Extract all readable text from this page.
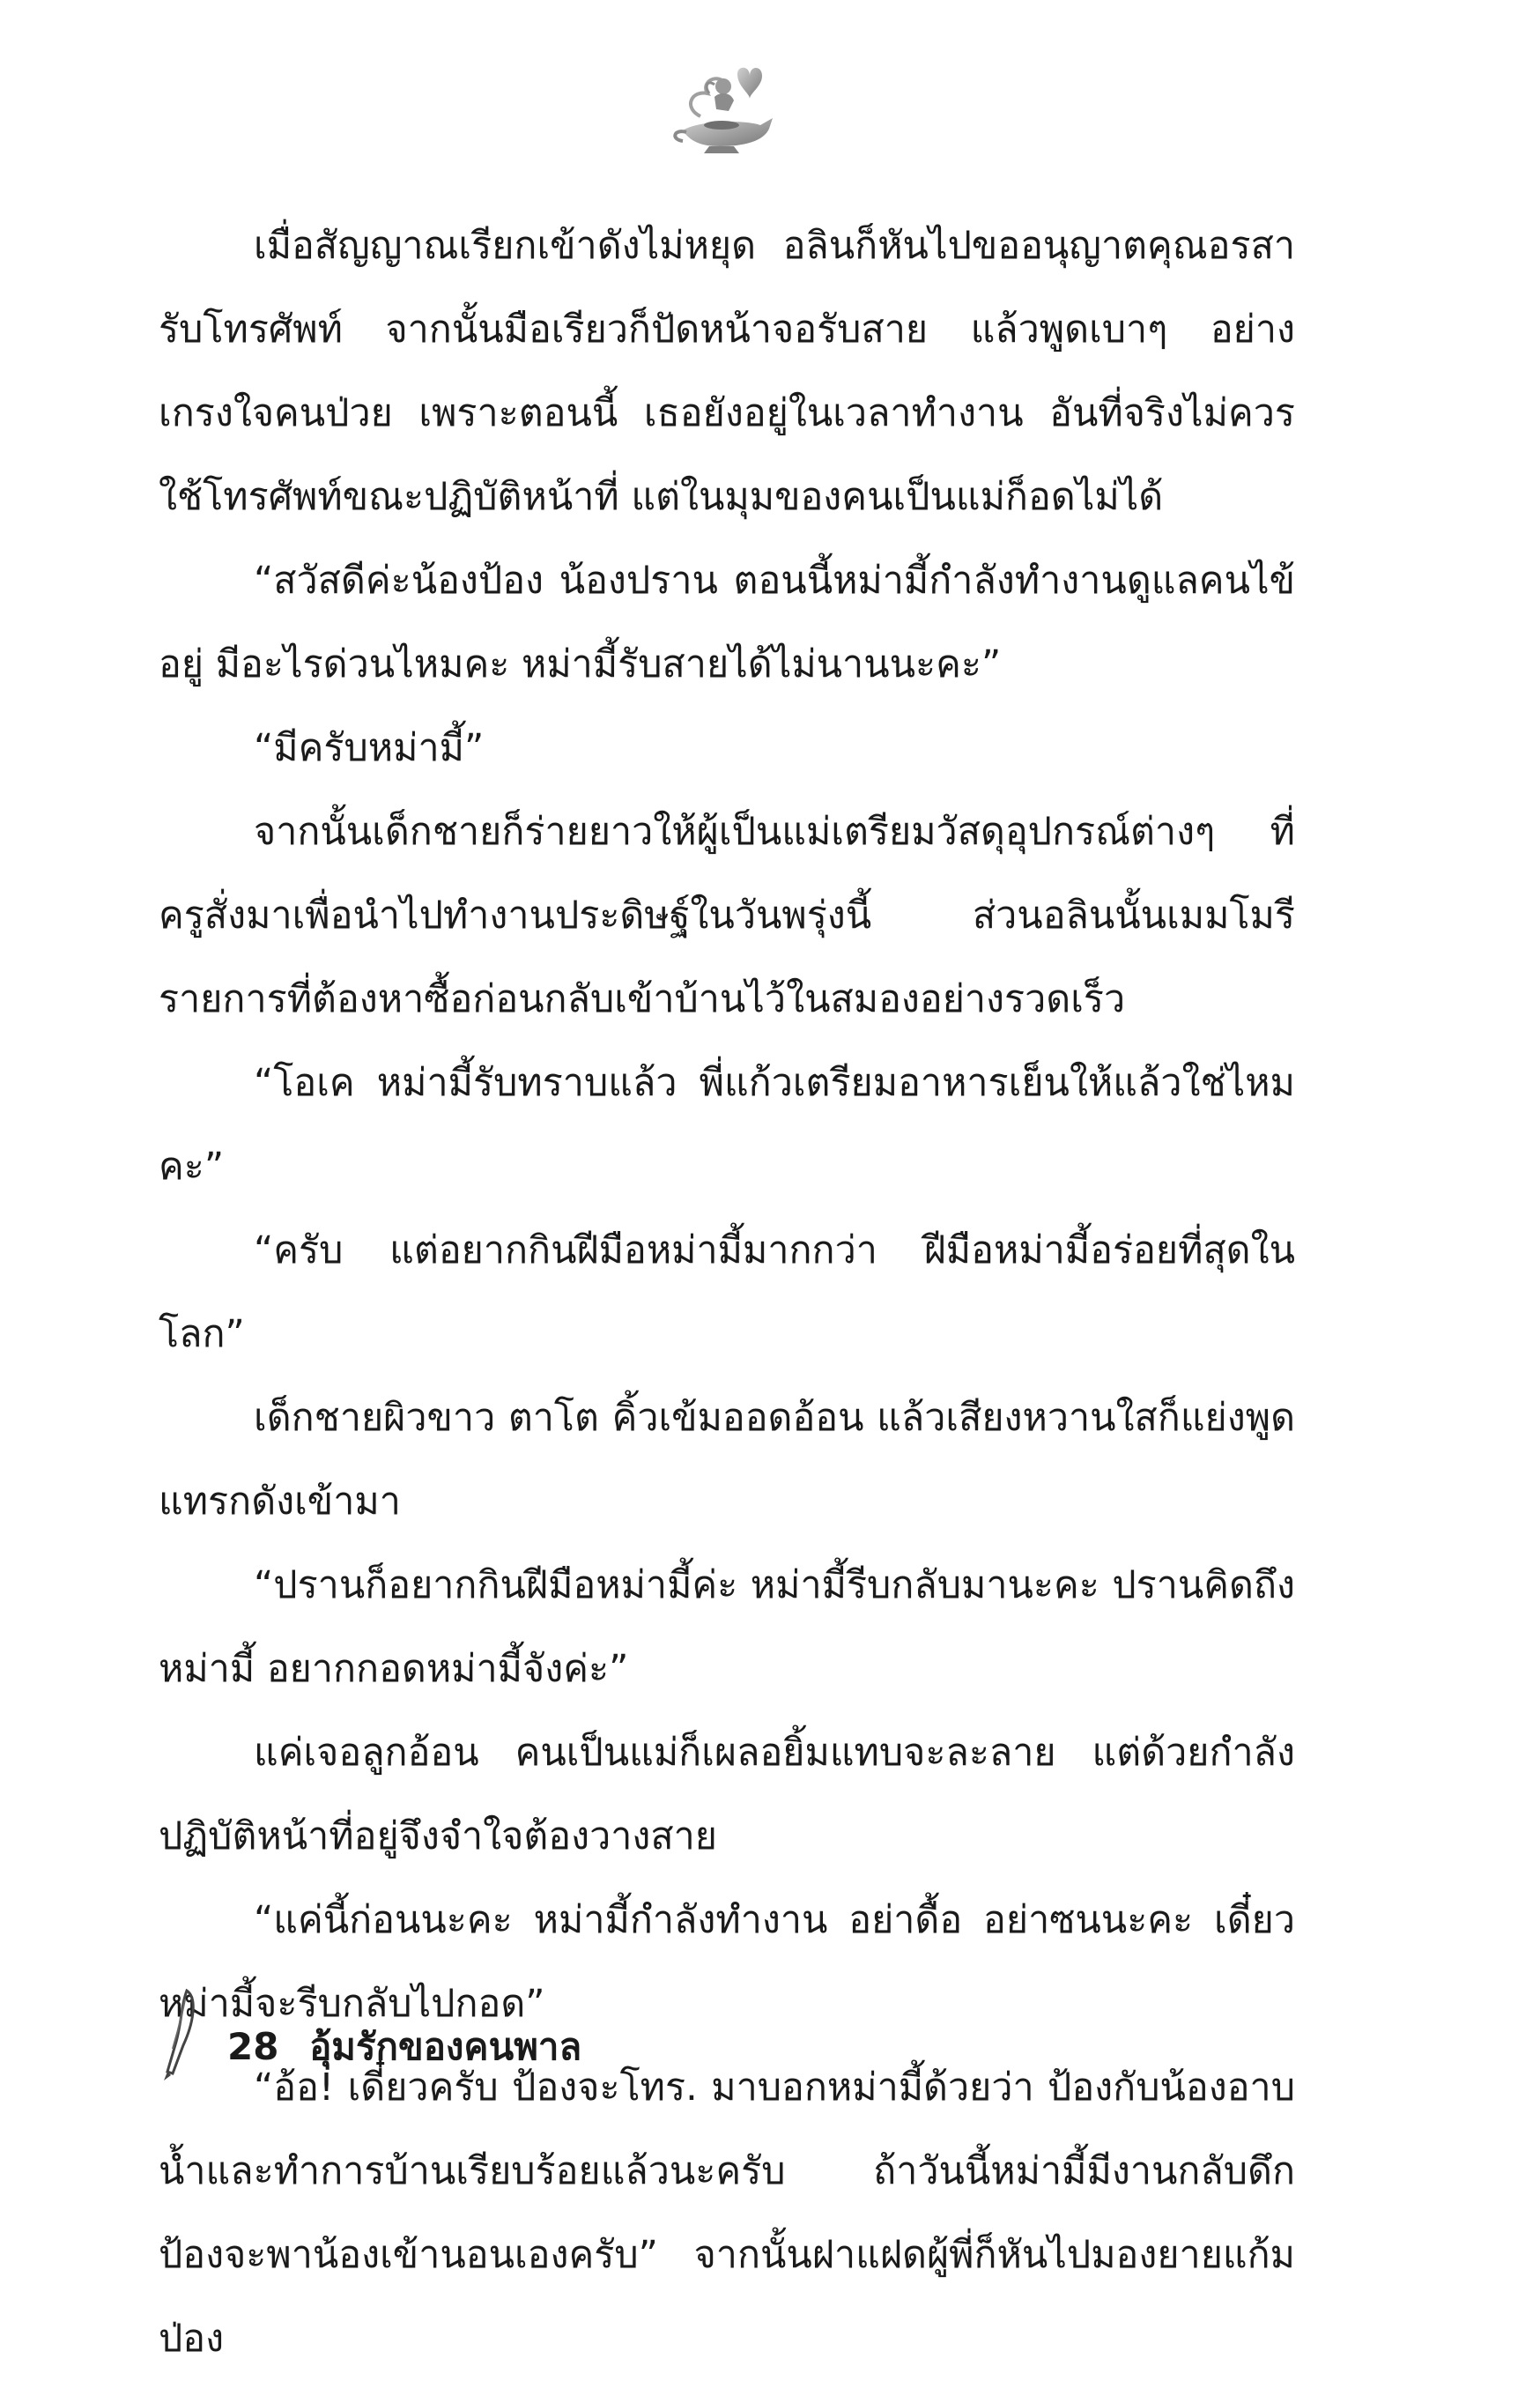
เมื่อสัญญาณเรียกเข้าดังไม่หยุด อลินก็หันไปขออนุญาตคุณอรสารับโทรศัพท์ จากนั้นมือเรียวก็ปัดหน้าจอรับสาย แล้วพูดเบาๆ อย่างเกรงใจคนป่วย เพราะตอนนี้ เธอยังอยู่ในเวลาทำงาน อันที่จริงไม่ควรใช้โทรศัพท์ขณะปฏิบัติหน้าที่ แต่ในมุมของคนเป็นแม่ก็อดไม่ได้

“สวัสดีค่ะน้องป้อง น้องปราน ตอนนี้หม่ามี้กำลังทำงานดูแลคนไข้อยู่ มีอะไรด่วนไหมคะ หม่ามี้รับสายได้ไม่นานนะคะ”

“มีครับหม่ามี้”

จากนั้นเด็กชายก็ร่ายยาวให้ผู้เป็นแม่เตรียมวัสดุอุปกรณ์ต่างๆ ที่ครูสั่งมาเพื่อนำไปทำงานประดิษฐ์ในวันพรุ่งนี้ ส่วนอลินนั้นเมมโมรีรายการที่ต้องหาซื้อก่อนกลับเข้าบ้านไว้ในสมองอย่างรวดเร็ว

“โอเค หม่ามี้รับทราบแล้ว พี่แก้วเตรียมอาหารเย็นให้แล้วใช่ไหมคะ”

“ครับ แต่อยากกินฝีมือหม่ามี้มากกว่า ฝีมือหม่ามี้อร่อยที่สุดในโลก”

เด็กชายผิวขาว ตาโต คิ้วเข้มออดอ้อน แล้วเสียงหวานใสก็แย่งพูดแทรกดังเข้ามา

“ปรานก็อยากกินฝีมือหม่ามี้ค่ะ หม่ามี้รีบกลับมานะคะ ปรานคิดถึงหม่ามี้ อยากกอดหม่ามี้จังค่ะ”

แค่เจอลูกอ้อน คนเป็นแม่ก็เผลอยิ้มแทบจะละลาย แต่ด้วยกำลังปฏิบัติหน้าที่อยู่จึงจำใจต้องวางสาย

“แค่นี้ก่อนนะคะ หม่ามี้กำลังทำงาน อย่าดื้อ อย่าซนนะคะ เดี๋ยวหม่ามี้จะรีบกลับไปกอด”

“อ้อ! เดี๋ยวครับ ป้องจะโทร. มาบอกหม่ามี้ด้วยว่า ป้องกับน้องอาบน้ำและทำการบ้านเรียบร้อยแล้วนะครับ ถ้าวันนี้หม่ามี้มีงานกลับดึก ป้องจะพาน้องเข้านอนเองครับ” จากนั้นฝาแฝดผู้พี่ก็หันไปมองยายแก้มป่อง

28 อุ้มรักของคนพาล
